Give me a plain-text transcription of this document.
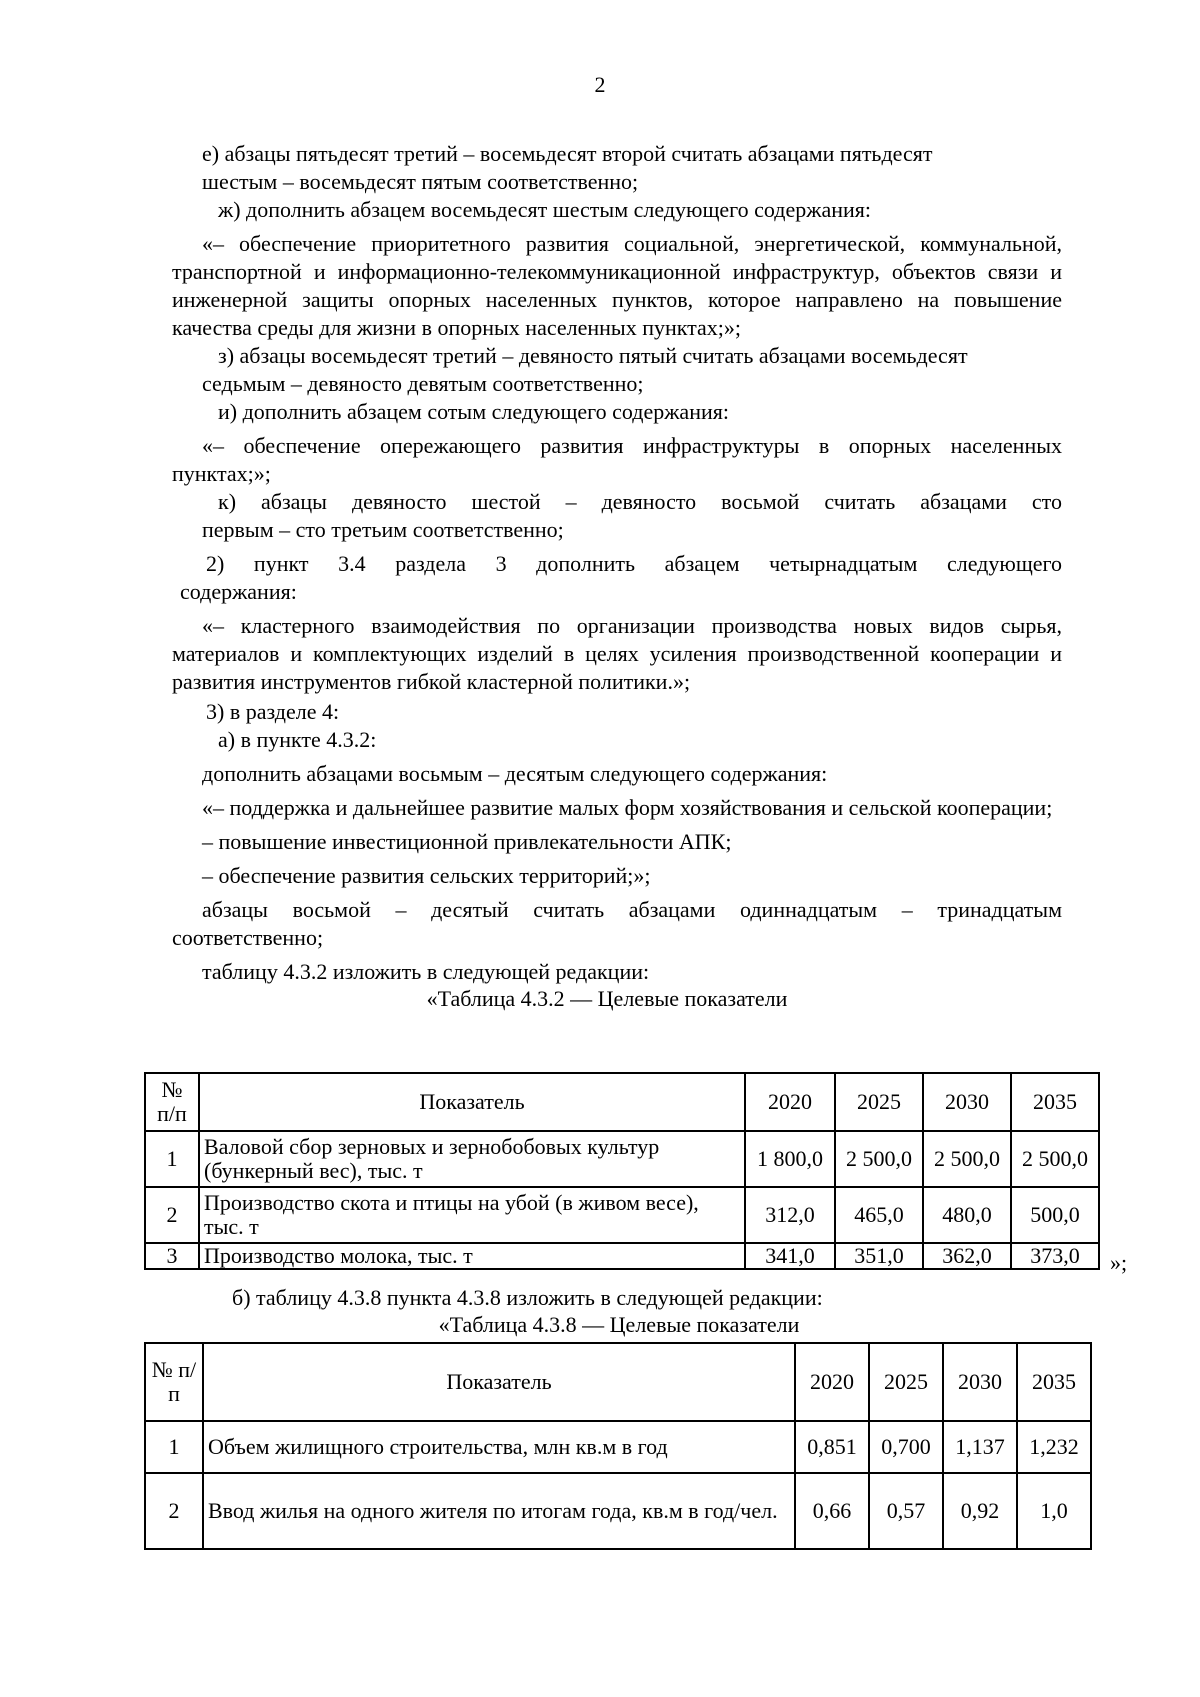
2

е) абзацы пятьдесят третий – восемьдесят второй считать абзацами пятьдесят

шестым – восемьдесят пятым соответственно;

ж) дополнить абзацем восемьдесят шестым следующего содержания:

«– обеспечение приоритетного развития социальной, энергетической, коммунальной, транспортной и информационно-телекоммуникационной инфраструктур, объектов связи и инженерной защиты опорных населенных пунктов, которое направлено на повышение качества среды для жизни в опорных населенных пунктах;»;

з) абзацы восемьдесят третий – девяносто пятый считать абзацами восемьдесят

седьмым – девяносто девятым соответственно;

и) дополнить абзацем сотым следующего содержания:

«– обеспечение опережающего развития инфраструктуры в опорных населенных пунктах;»;

к) абзацы девяносто шестой – девяносто восьмой считать абзацами сто

первым – сто третьим соответственно;

2) пункт 3.4 раздела 3 дополнить абзацем четырнадцатым следующего

содержания:

«– кластерного взаимодействия по организации производства новых видов сырья, материалов и комплектующих изделий в целях усиления производственной кооперации и развития инструментов гибкой кластерной политики.»;

3) в разделе 4:

а) в пункте 4.3.2:

дополнить абзацами восьмым – десятым следующего содержания:

«– поддержка и дальнейшее развитие малых форм хозяйствования и сельской кооперации;

– повышение инвестиционной привлекательности АПК;

– обеспечение развития сельских территорий;»;

абзацы восьмой – десятый считать абзацами одиннадцатым – тринадцатым соответственно;

таблицу 4.3.2 изложить в следующей редакции:

«Таблица 4.3.2 — Целевые показатели

№ п/п	Показатель	2020	2025	2030	2035
1	Валовой сбор зерновых и зернобобовых культур (бункерный вес), тыс. т	1 800,0	2 500,0	2 500,0	2 500,0
2	Производство скота и птицы на убой (в живом весе), тыс. т	312,0	465,0	480,0	500,0
3	Производство молока, тыс. т	341,0	351,0	362,0	373,0 »;

б) таблицу 4.3.8 пункта 4.3.8 изложить в следующей редакции:

«Таблица 4.3.8 — Целевые показатели

№ п/п	Показатель	2020	2025	2030	2035
1	Объем жилищного строительства, млн кв.м в год	0,851	0,700	1,137	1,232
2	Ввод жилья на одного жителя по итогам года, кв.м в год/чел.	0,66	0,57	0,92	1,0
